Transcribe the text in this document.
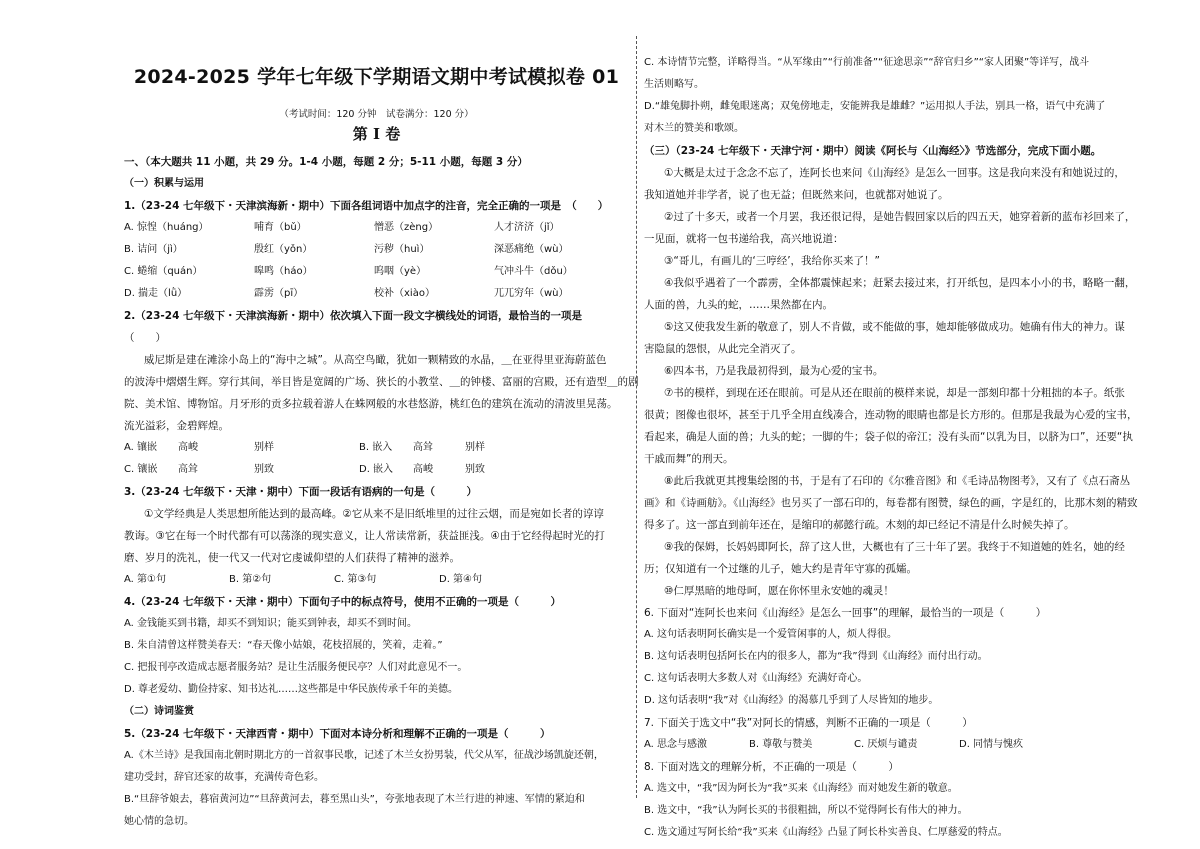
2024-2025 学年七年级下学期语文期中考试模拟卷 01
（考试时间：120 分钟　试卷满分：120 分）
第 I 卷
一、（本大题共 11 小题，共 29 分。1-4 小题，每题 2 分；5-11 小题，每题 3 分）
（一）积累与运用
1.（23-24 七年级下・天津滨海新・期中）下面各组词语中加点字的注音，完全正确的一项是　（　　）
A. 惊惶（huáng）	哺育（bǔ）	憎恶（zèng）	人才济济（jǐ）
B. 诘问（jì）	殷红（yǒn）	污秽（huì）	深恶痛绝（wù）
C. 蜷缩（quán）	嗥鸣（háo）	呜咽（yè）	气冲斗牛（dǒu）
D. 揣走（lǜ）	霹雳（pī）	校补（xiào）	兀兀穷年（wù）
2.（23-24 七年级下・天津滨海新・期中）依次填入下面一段文字横线处的词语，最恰当的一项是
（　　）
威尼斯是建在滩涂小岛上的“海中之城”。从高空鸟瞰，犹如一颗精致的水晶，＿在亚得里亚海蔚蓝色
的波涛中熠熠生辉。穿行其间，举目皆是宽阔的广场、狭长的小教堂、＿的钟楼、富丽的宫殿，还有造型＿的剧
院、美术馆、博物馆。月牙形的贡多拉载着游人在蛛网般的水巷悠游，桃红色的建筑在流动的清波里晃荡。
流光溢彩，金碧辉煌。
A. 镶嵌	高峻	别样	B. 嵌入	高耸	别样
C. 镶嵌	高耸	别致	D. 嵌入	高峻	别致
3.（23-24 七年级下・天津・期中）下面一段话有语病的一句是（　　　）
①文学经典是人类思想所能达到的最高峰。②它从来不是旧纸堆里的过往云烟，而是宛如长者的谆谆
教诲。③它在每一个时代都有可以荡涤的现实意义，让人常读常新，获益匪浅。④由于它经得起时光的打
磨、岁月的洗礼，使一代又一代对它虔诚仰望的人们获得了精神的滋养。
A. 第①句	B. 第②句	C. 第③句	D. 第④句
4.（23-24 七年级下・天津・期中）下面句子中的标点符号，使用不正确的一项是（　　　）
A. 金钱能买到书籍，却买不到知识；能买到钟表，却买不到时间。
B. 朱自清曾这样赞美春天：“春天像小姑娘，花枝招展的，笑着，走着。”
C. 把报刊亭改造成志愿者服务站？是让生活服务便民亭？人们对此意见不一。
D. 尊老爱幼、勤俭持家、知书达礼……这些都是中华民族传承千年的美德。
（二）诗词鉴赏
5.（23-24 七年级下・天津西青・期中）下面对本诗分析和理解不正确的一项是（　　　）
A.《木兰诗》是我国南北朝时期北方的一首叙事民歌，记述了木兰女扮男装，代父从军，征战沙场凯旋还朝，
建功受封，辞官还家的故事，充满传奇色彩。
B.“旦辞爷娘去，暮宿黄河边”“旦辞黄河去，暮至黑山头”，夸张地表现了木兰行进的神速、军情的紧迫和
她心情的急切。
C. 本诗情节完整，详略得当。“从军缘由”“行前准备”“征途思亲”“辞官归乡”“家人团聚”等详写，战斗
生活则略写。
D.“雄兔脚扑朔，雌兔眼迷离；双兔傍地走，安能辨我是雄雌？”运用拟人手法，别具一格，语气中充满了
对木兰的赞美和歌颂。
（三）（23-24 七年级下・天津宁河・期中）阅读《阿长与〈山海经〉》节选部分，完成下面小题。
①大概是太过于念念不忘了，连阿长也来问《山海经》是怎么一回事。这是我向来没有和她说过的，
我知道她并非学者，说了也无益；但既然来问，也就都对她说了。
②过了十多天，或者一个月罢，我还很记得，是她告假回家以后的四五天，她穿着新的蓝布衫回来了，
一见面，就将一包书递给我，高兴地说道：
③“哥儿，有画儿的‘三哼经’，我给你买来了！”
④我似乎遇着了一个霹雳，全体都震悚起来；赶紧去接过来，打开纸包，是四本小小的书，略略一翻，
人面的兽，九头的蛇，……果然都在内。
⑤这又使我发生新的敬意了，别人不肯做，或不能做的事，她却能够做成功。她确有伟大的神力。谋
害隐鼠的怨恨，从此完全消灭了。
⑥四本书，乃是我最初得到，最为心爱的宝书。
⑦书的模样，到现在还在眼前。可是从还在眼前的模样来说，却是一部刻印都十分粗拙的本子。纸张
很黄；图像也很坏，甚至于几乎全用直线凑合，连动物的眼睛也都是长方形的。但那是我最为心爱的宝书，
看起来，确是人面的兽；九头的蛇；一脚的牛；袋子似的帝江；没有头而“以乳为目，以脐为口”，还要“执
干戚而舞”的刑天。
⑧此后我就更其搜集绘图的书，于是有了石印的《尔雅音图》和《毛诗品物图考》，又有了《点石斋丛
画》和《诗画舫》。《山海经》也另买了一部石印的，每卷都有图赞，绿色的画，字是红的，比那木刻的精致
得多了。这一部直到前年还在，是缩印的郝懿行疏。木刻的却已经记不清是什么时候失掉了。
⑨我的保姆，长妈妈即阿长，辞了这人世，大概也有了三十年了罢。我终于不知道她的姓名，她的经
历；仅知道有一个过继的儿子，她大约是青年守寡的孤孀。
⑩仁厚黑暗的地母呵，愿在你怀里永安她的魂灵！
6. 下面对“连阿长也来问《山海经》是怎么一回事”的理解，最恰当的一项是（　　　）
A. 这句话表明阿长确实是一个爱管闲事的人，烦人得很。
B. 这句话表明包括阿长在内的很多人，都为“我”得到《山海经》而付出行动。
C. 这句话表明大多数人对《山海经》充满好奇心。
D. 这句话表明“我”对《山海经》的渴慕几乎到了人尽皆知的地步。
7. 下面关于选文中“我”对阿长的情感，判断不正确的一项是（　　　）
A. 思念与感激	B. 尊敬与赞美	C. 厌烦与谴责	D. 同情与愧疚
8. 下面对选文的理解分析，不正确的一项是（　　　）
A. 选文中，“我”因为阿长为“我”买来《山海经》而对她发生新的敬意。
B. 选文中，“我”认为阿长买的书很粗拙，所以不觉得阿长有伟大的神力。
C. 选文通过写阿长给“我”买来《山海经》凸显了阿长朴实善良、仁厚慈爱的特点。
